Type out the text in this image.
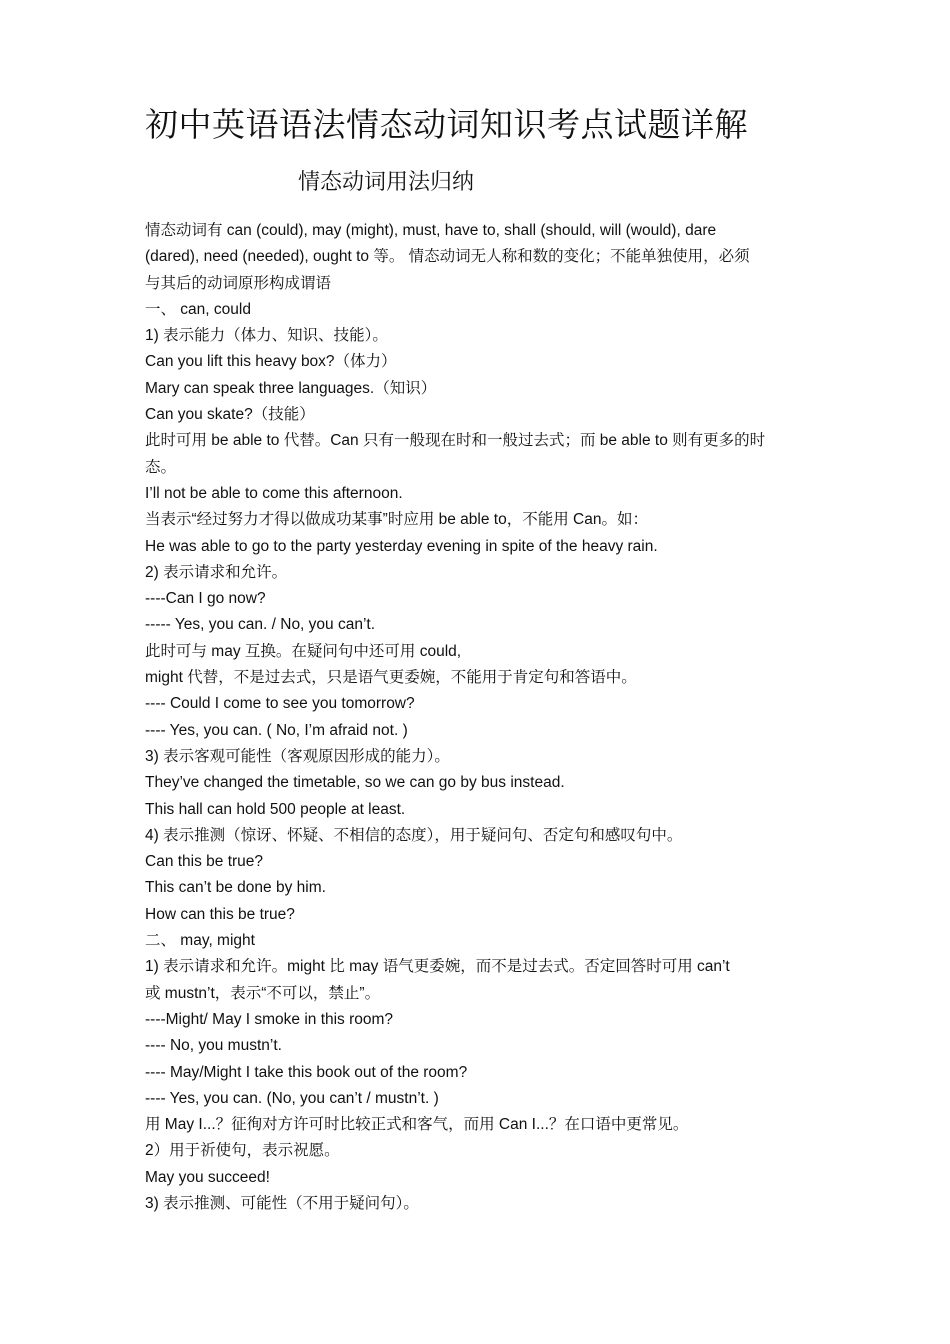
初中英语语法情态动词知识考点试题详解
情态动词用法归纳
情态动词有 can (could), may (might), must, have to, shall (should, will (would), dare
(dared), need (needed), ought to 等。 情态动词无人称和数的变化；不能单独使用，必须
与其后的动词原形构成谓语
一、 can, could
1) 表示能力（体力、知识、技能）。
Can you lift this heavy box?（体力）
Mary can speak three languages.（知识）
Can you skate?（技能）
此时可用 be able to 代替。Can 只有一般现在时和一般过去式；而 be able to 则有更多的时
态。
I’ll not be able to come this afternoon.
当表示“经过努力才得以做成功某事”时应用 be able to，不能用 Can。如：
He was able to go to the party yesterday evening in spite of the heavy rain.
2) 表示请求和允许。
----Can I go now?
----- Yes, you can. / No, you can’t.
此时可与 may 互换。在疑问句中还可用 could,
might 代替，不是过去式，只是语气更委婉，不能用于肯定句和答语中。
---- Could I come to see you tomorrow?
---- Yes, you can. ( No, I’m afraid not. )
3) 表示客观可能性（客观原因形成的能力）。
They’ve changed the timetable, so we can go by bus instead.
This hall can hold 500 people at least.
4) 表示推测（惊讶、怀疑、不相信的态度），用于疑问句、否定句和感叹句中。
Can this be true?
This can’t be done by him.
How can this be true?
二、 may, might
1) 表示请求和允许。might 比 may 语气更委婉，而不是过去式。否定回答时可用 can’t
或 mustn’t，表示“不可以，禁止”。
----Might/ May I smoke in this room?
---- No, you mustn’t.
---- May/Might I take this book out of the room?
---- Yes, you can. (No, you can’t / mustn’t. )
用 May I...？征徇对方许可时比较正式和客气，而用 Can I...？在口语中更常见。
2）用于祈使句，表示祝愿。
May you succeed!
3) 表示推测、可能性（不用于疑问句）。
